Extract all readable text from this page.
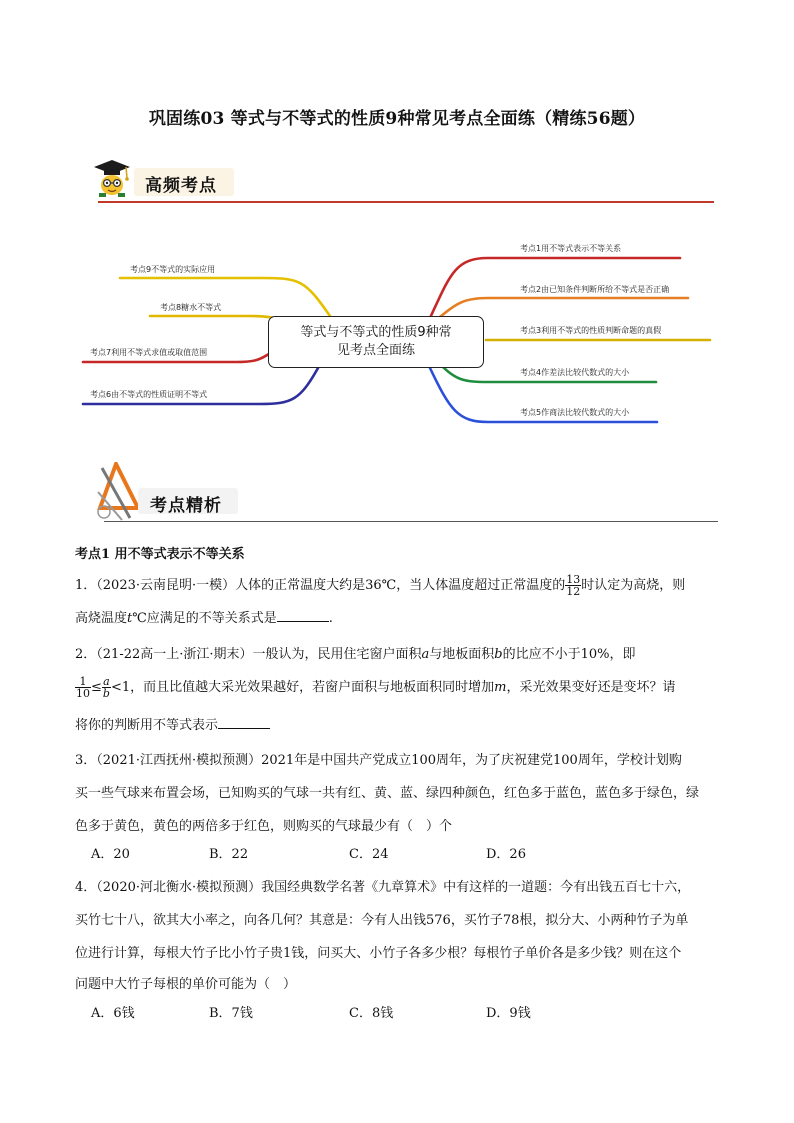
巩固练03 等式与不等式的性质9种常见考点全面练（精练56题）
高频考点
等式与不等式的性质9种常
见考点全面练
考点1用不等式表示不等关系
考点2由已知条件判断所给不等式是否正确
考点3利用不等式的性质判断命题的真假
考点4作差法比较代数式的大小
考点5作商法比较代数式的大小
考点9不等式的实际应用
考点8糖水不等式
考点7利用不等式求值或取值范围
考点6由不等式的性质证明不等式
考点精析
考点1 用不等式表示不等关系
1．（2023·云南昆明·一模）人体的正常温度大约是36℃，当人体温度超过正常温度的 $\frac{13}{12}$ 时认定为高烧，则
高烧温度t℃应满足的不等关系式是	.
2．（21-22高一上·浙江·期末）一般认为，民用住宅窗户面积a与地板面积b的比应不小于10%，即
$\frac{1}{10} \le \frac{a}{b} <1$，而且比值越大采光效果越好，若窗户面积与地板面积同时增加m，采光效果变好还是变坏？请
将你的判断用不等式表示
3．（2021·江西抚州·模拟预测）2021年是中国共产党成立100周年，为了庆祝建党100周年，学校计划购
买一些气球来布置会场，已知购买的气球一共有红、黄、蓝、绿四种颜色，红色多于蓝色，蓝色多于绿色，绿
色多于黄色，黄色的两倍多于红色，则购买的气球最少有（　）个
A．20	B．22	C．24	D．26
4．（2020·河北衡水·模拟预测）我国经典数学名著《九章算术》中有这样的一道题：今有出钱五百七十六，
买竹七十八，欲其大小率之，向各几何？其意是：今有人出钱576，买竹子78根，拟分大、小两种竹子为单
位进行计算，每根大竹子比小竹子贵1钱，问买大、小竹子各多少根？每根竹子单价各是多少钱？则在这个
问题中大竹子每根的单价可能为（　）
A．6钱	B．7钱	C．8钱	D．9钱
